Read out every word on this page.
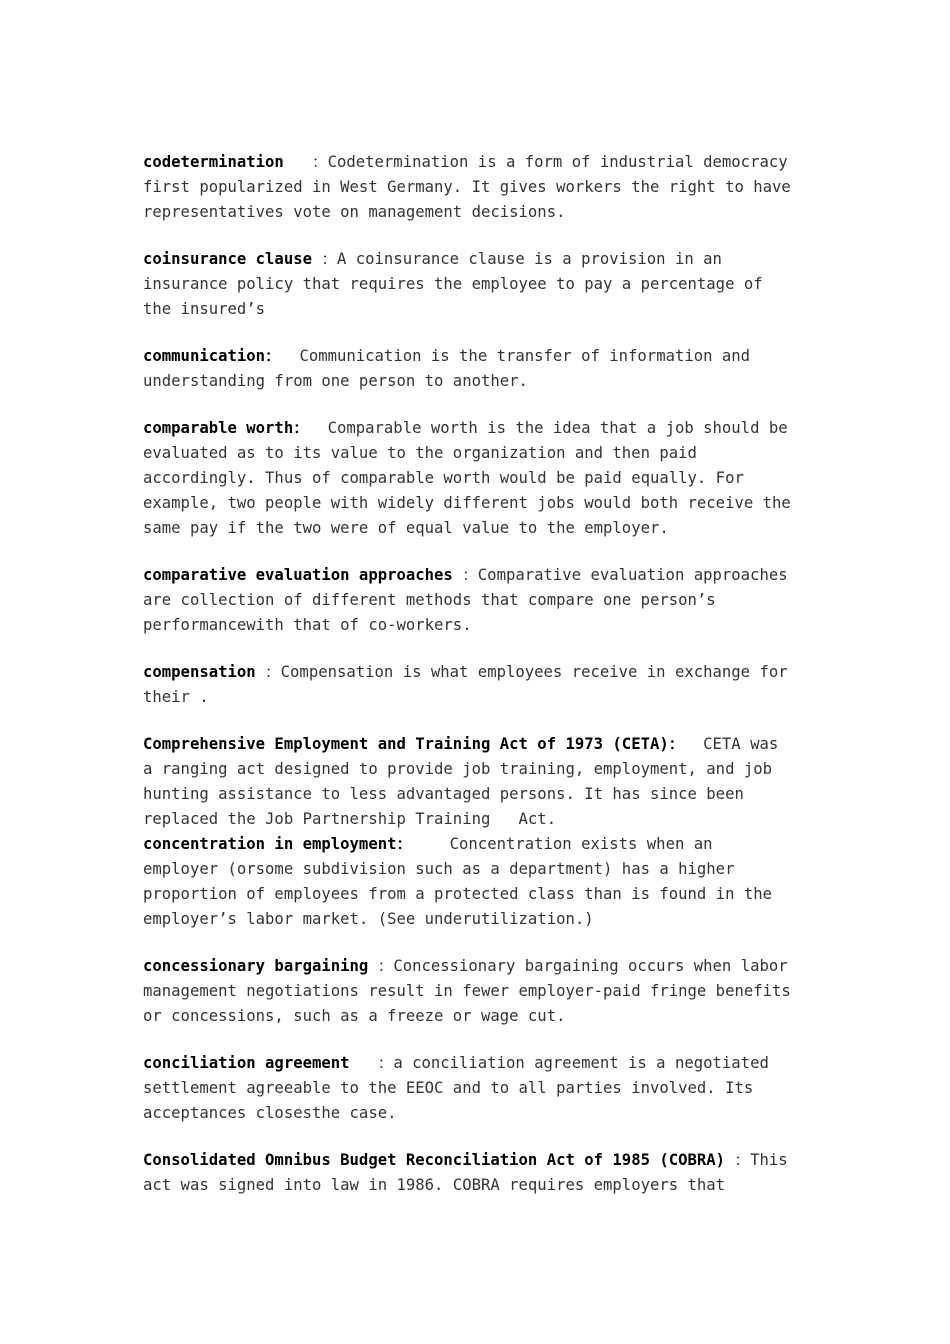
codetermination   ：Codetermination is a form of industrial democracy first popularized in West Germany. It gives workers the right to have representatives vote on management decisions.

coinsurance clause ：A coinsurance clause is a provision in an insurance policy that requires the employee to pay a percentage of the insured’s

communication： Communication is the transfer of information and understanding from one person to another.

comparable worth： Comparable worth is the idea that a job should be evaluated as to its value to the organization and then paid accordingly. Thus of comparable worth would be paid equally. For example, two people with widely different jobs would both receive the same pay if the two were of equal value to the employer.

comparative evaluation approaches ：Comparative evaluation approaches are collection of different methods that compare one person’s performancewith that of co-workers.

compensation ：Compensation is what employees receive in exchange for their .

Comprehensive Employment and Training Act of 1973 (CETA)： CETA was a ranging act designed to provide job training, employment, and job hunting assistance to less advantaged persons. It has since been replaced the Job Partnership Training   Act.

concentration in employment： Concentration exists when an employer (orsome subdivision such as a department) has a higher proportion of employees from a protected class than is found in the employer’s labor market. (See underutilization.)

concessionary bargaining ：Concessionary bargaining occurs when labor management negotiations result in fewer employer-paid fringe benefits or concessions, such as a freeze or wage cut.

conciliation agreement   ：a conciliation agreement is a negotiated settlement agreeable to the EEOC and to all parties involved. Its acceptances closesthe case.

Consolidated Omnibus Budget Reconciliation Act of 1985 (COBRA) ：This act was signed into law in 1986. COBRA requires employers that
